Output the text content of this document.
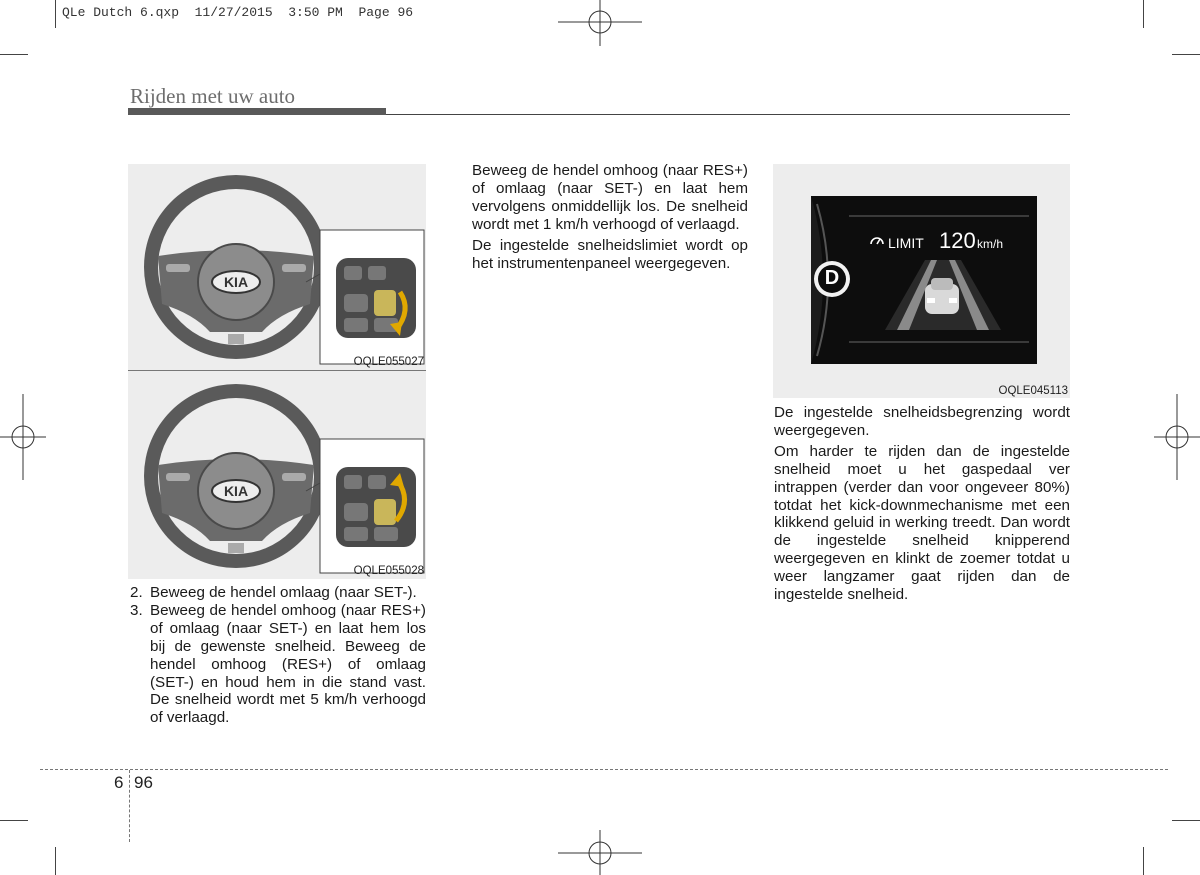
QLe Dutch 6.qxp  11/27/2015  3:50 PM  Page 96
Rijden met uw auto
KIA
OQLE055027
KIA
OQLE055028
2. Beweeg de hendel omlaag (naar SET-).
3. Beweeg de hendel omhoog (naar RES+) of omlaag (naar SET-) en laat hem los bij de gewenste snelheid. Beweeg de hendel omhoog (RES+) of omlaag (SET-) en houd hem in die stand vast. De snelheid wordt met 5 km/h verhoogd of verlaagd.

Beweeg de hendel omhoog (naar RES+) of omlaag (naar SET-) en laat hem vervolgens onmiddellijk los. De snelheid wordt met 1 km/h verhoogd of verlaagd.

De ingestelde snelheidslimiet wordt op het instrumentenpaneel weergegeven.

D
LIMIT 120 km/h
OQLE045113

De ingestelde snelheidsbegrenzing wordt weergegeven.

Om harder te rijden dan de ingestelde snelheid moet u het gaspedaal ver intrappen (verder dan voor ongeveer 80%) totdat het kick-downmechanisme met een klikkend geluid in werking treedt. Dan wordt de ingestelde snelheid knipperend weergegeven en klinkt de zoemer totdat u weer langzamer gaat rijden dan de ingestelde snelheid.

6 96
